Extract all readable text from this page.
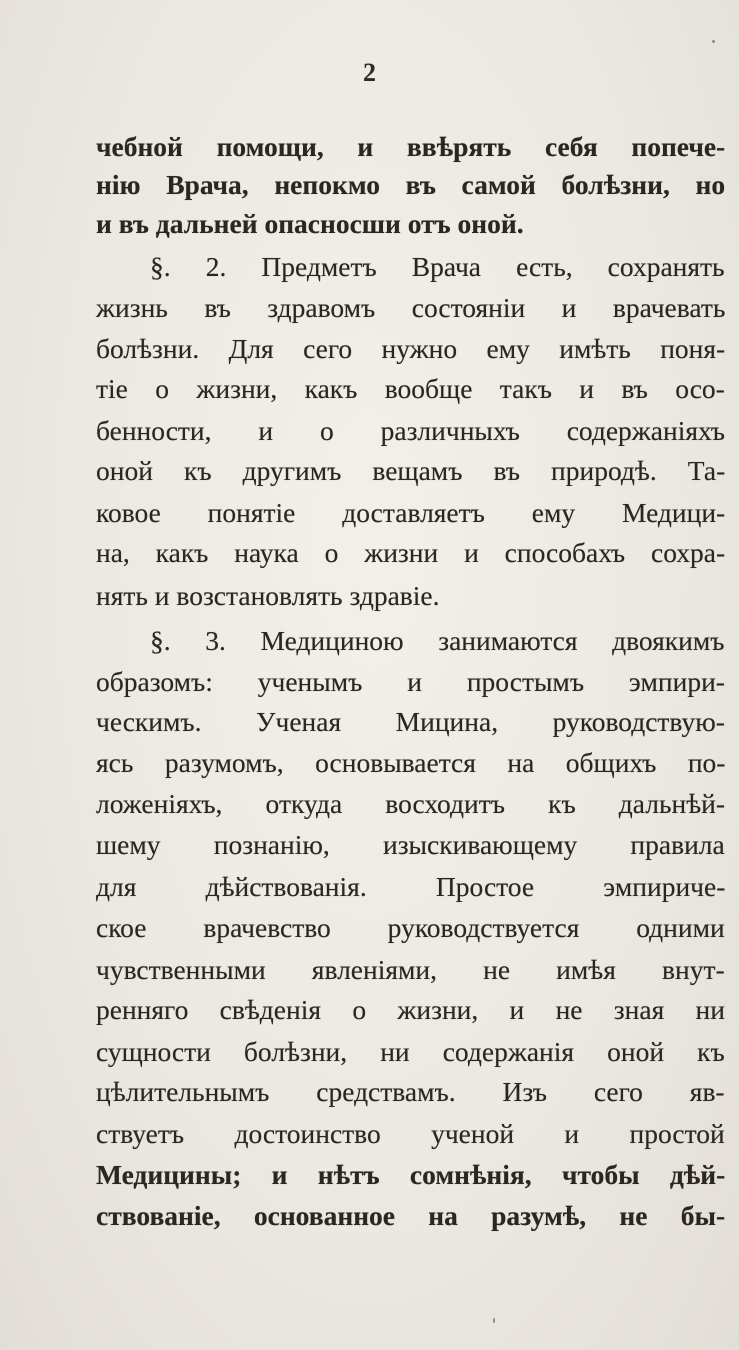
2
чебной помощи, и ввѣрять себя попече-
нію Врача, непокмо въ самой болѣзни, но
и въ дальней опасносши отъ оной.
§. 2. Предметъ Врача есть, сохранять
жизнь въ здравомъ состояніи и врачевать
болѣзни. Для сего нужно ему имѣть поня-
тіе о жизни, какъ вообще такъ и въ осо-
бенности, и о различныхъ содержаніяхъ
оной къ другимъ вещамъ въ природѣ. Та-
ковое понятіе доставляетъ ему Медици-
на, какъ наука о жизни и способахъ сохра-
нять и возстановлять здравіе.
§. 3. Медициною занимаются двоякимъ
образомъ: ученымъ и простымъ эмпири-
ческимъ. Ученая Мицина, руководствую-
ясь разумомъ, основывается на общихъ по-
ложеніяхъ, откуда восходитъ къ дальнѣй-
шему познанію, изыскивающему правила
для дѣйствованія. Простое эмпириче-
ское врачевство руководствуется одними
чувственными явленіями, не имѣя внут-
ренняго свѣденія о жизни, и не зная ни
сущности болѣзни, ни содержанія оной къ
цѣлительнымъ средствамъ. Изъ сего яв-
ствуетъ достоинство ученой и простой
Медицины; и нѣтъ сомнѣнія, чтобы дѣй-
ствованіе, основанное на разумѣ, не бы-
